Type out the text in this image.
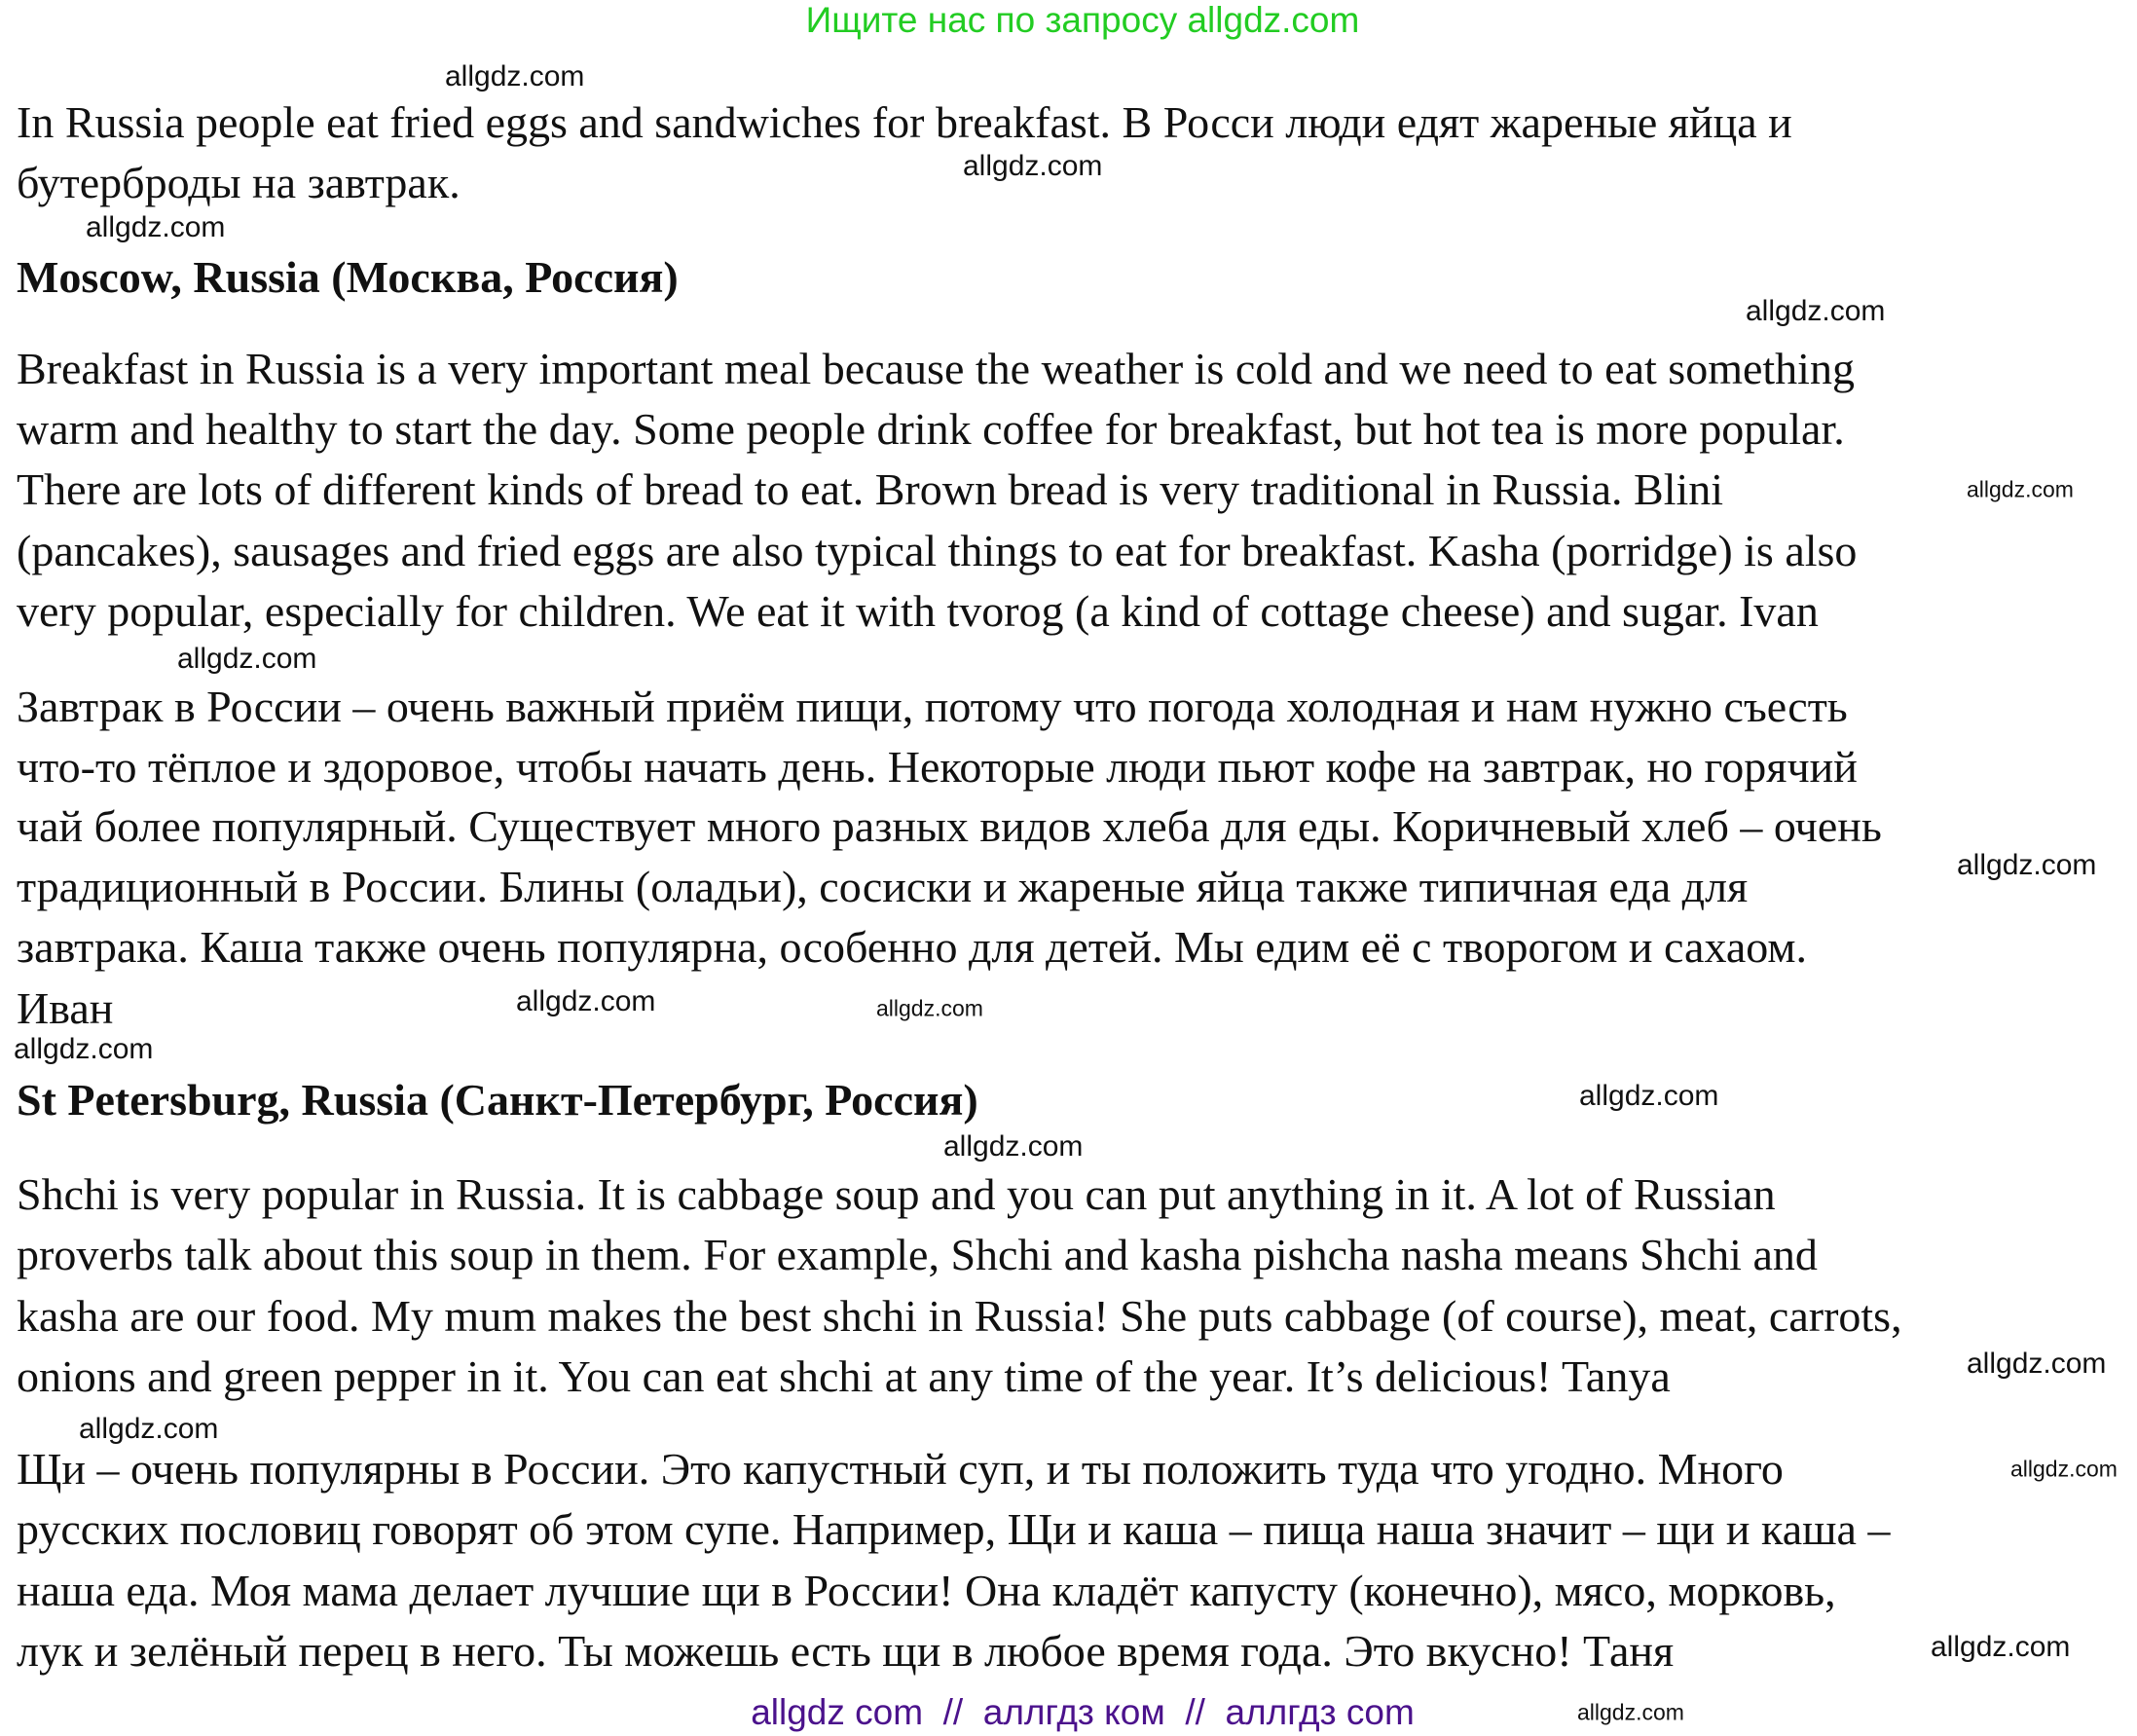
Ищите нас по запросу allgdz.com
In Russia people eat fried eggs and sandwiches for breakfast. В Росси люди едят жареные яйца и
бутерброды на завтрак.
Moscow, Russia (Москва, Россия)
Breakfast in Russia is a very important meal because the weather is cold and we need to eat something
warm and healthy to start the day. Some people drink coffee for breakfast, but hot tea is more popular.
There are lots of different kinds of bread to eat. Brown bread is very traditional in Russia. Blini
(pancakes), sausages and fried eggs are also typical things to eat for breakfast. Kasha (porridge) is also
very popular, especially for children. We eat it with tvorog (a kind of cottage cheese) and sugar. Ivan
Завтрак в России – очень важный приём пищи, потому что погода холодная и нам нужно съесть
что-то тёплое и здоровое, чтобы начать день. Некоторые люди пьют кофе на завтрак, но горячий
чай более популярный. Существует много разных видов хлеба для еды. Коричневый хлеб – очень
традиционный в России. Блины (оладьи), сосиски и жареные яйца также типичная еда для
завтрака. Каша также очень популярна, особенно для детей. Мы едим её с творогом и сахаом.
Иван
St Petersburg, Russia (Санкт-Петербург, Россия)
Shchi is very popular in Russia. It is cabbage soup and you can put anything in it. A lot of Russian
proverbs talk about this soup in them. For example, Shchi and kasha pishcha nasha means Shchi and
kasha are our food. My mum makes the best shchi in Russia! She puts cabbage (of course), meat, carrots,
onions and green pepper in it. You can eat shchi at any time of the year. It’s delicious! Tanya
Щи – очень популярны в России. Это капустный суп, и ты положить туда что угодно. Много
русских пословиц говорят об этом супе. Например, Щи и каша – пища наша значит – щи и каша –
наша еда. Моя мама делает лучшие щи в России! Она кладёт капусту (конечно), мясо, морковь,
лук и зелёный перец в него. Ты можешь есть щи в любое время года. Это вкусно! Таня
allgdz.com
allgdz.com
allgdz.com
allgdz.com
allgdz.com
allgdz.com
allgdz.com
allgdz.com
allgdz.com
allgdz.com
allgdz.com
allgdz.com
allgdz.com
allgdz.com
allgdz.com
allgdz.com
allgdz.com
allgdz com  //  аллгдз ком  //  аллгдз com
